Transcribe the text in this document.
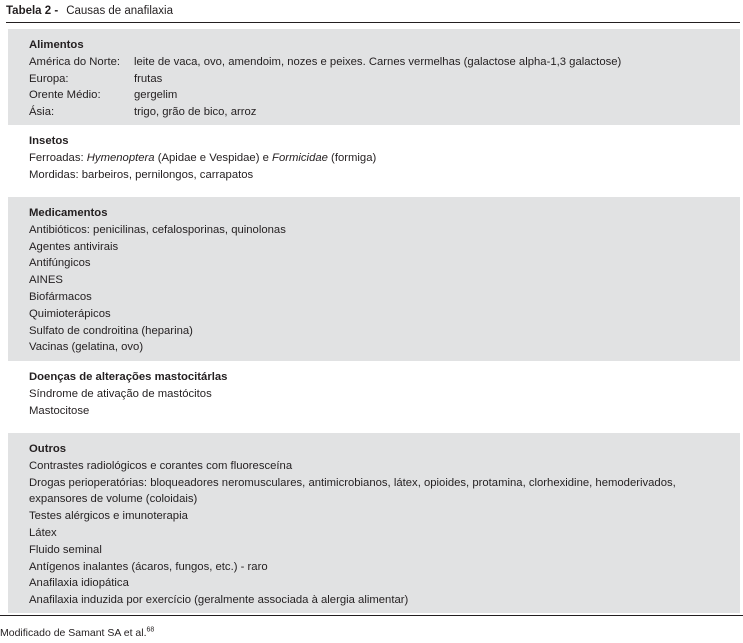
Tabela 2 - Causas de anafilaxia
Alimentos
América do Norte: leite de vaca, ovo, amendoim, nozes e peixes. Carnes vermelhas (galactose alpha-1,3 galactose)
Europa:	frutas
Orente Médio:	gergelim
Ásia:	trigo, grão de bico, arroz
Insetos
Ferroadas: Hymenoptera (Apidae e Vespidae) e Formicidae (formiga)
Mordidas: barbeiros, pernilongos, carrapatos
Medicamentos
Antibióticos: penicilinas, cefalosporinas, quinolonas
Agentes antivirais
Antifúngicos
AINES
Biofármacos
Quimioterápicos
Sulfato de condroitina (heparina)
Vacinas (gelatina, ovo)
Doenças de alterações mastocitárlas
Síndrome de ativação de mastócitos
Mastocitose
Outros
Contrastes radiológicos e corantes com fluoresceína
Drogas perioperatórias: bloqueadores neromusculares, antimicrobianos, látex, opioides, protamina, clorhexidine, hemoderivados, expansores de volume (coloidais)
Testes alérgicos e imunoterapia
Látex
Fluido seminal
Antígenos inalantes (ácaros, fungos, etc.) - raro
Anafilaxia idiopática
Anafilaxia induzida por exercício (geralmente associada à alergia alimentar)
Modificado de Samant SA et al.$^{68}$
